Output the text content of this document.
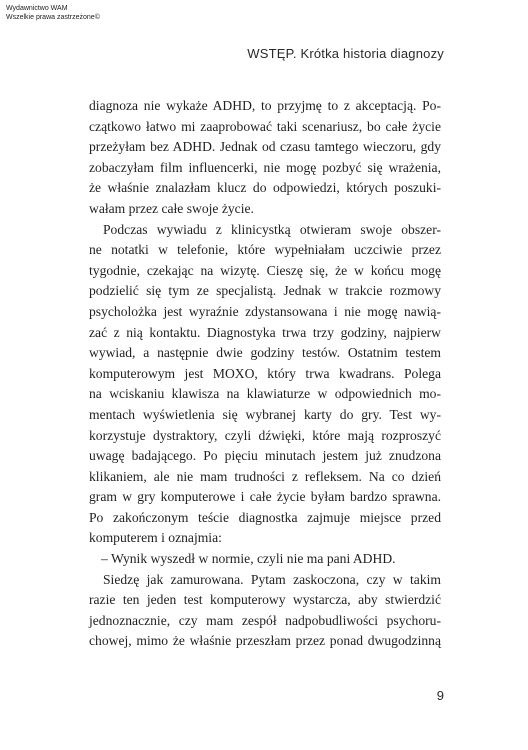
Wydawnictwo WAM
Wszelkie prawa zastrzeżone©
WSTĘP. Krótka historia diagnozy
diagnoza nie wykaże ADHD, to przyjmę to z akceptacją. Po-
czątkowo łatwo mi zaaprobować taki scenariusz, bo całe życie
przeżyłam bez ADHD. Jednak od czasu tamtego wieczoru, gdy
zobaczyłam film influencerki, nie mogę pozbyć się wrażenia,
że właśnie znalazłam klucz do odpowiedzi, których poszuki-
wałam przez całe swoje życie.
Podczas wywiadu z klinicystką otwieram swoje obszer-
ne notatki w telefonie, które wypełniałam uczciwie przez
tygodnie, czekając na wizytę. Cieszę się, że w końcu mogę
podzielić się tym ze specjalistą. Jednak w trakcie rozmowy
psycholożka jest wyraźnie zdystansowana i nie mogę nawią-
zać z nią kontaktu. Diagnostyka trwa trzy godziny, najpierw
wywiad, a następnie dwie godziny testów. Ostatnim testem
komputerowym jest MOXO, który trwa kwadrans. Polega
na wciskaniu klawisza na klawiaturze w odpowiednich mo-
mentach wyświetlenia się wybranej karty do gry. Test wy-
korzystuje dystraktory, czyli dźwięki, które mają rozproszyć
uwagę badającego. Po pięciu minutach jestem już znudzona
klikaniem, ale nie mam trudności z refleksem. Na co dzień
gram w gry komputerowe i całe życie byłam bardzo sprawna.
Po zakończonym teście diagnostka zajmuje miejsce przed
komputerem i oznajmia:
– Wynik wyszedł w normie, czyli nie ma pani ADHD.
Siedzę jak zamurowana. Pytam zaskoczona, czy w takim
razie ten jeden test komputerowy wystarcza, aby stwierdzić
jednoznacznie, czy mam zespół nadpobudliwości psychoru-
chowej, mimo że właśnie przeszłam przez ponad dwugodzinną
9
